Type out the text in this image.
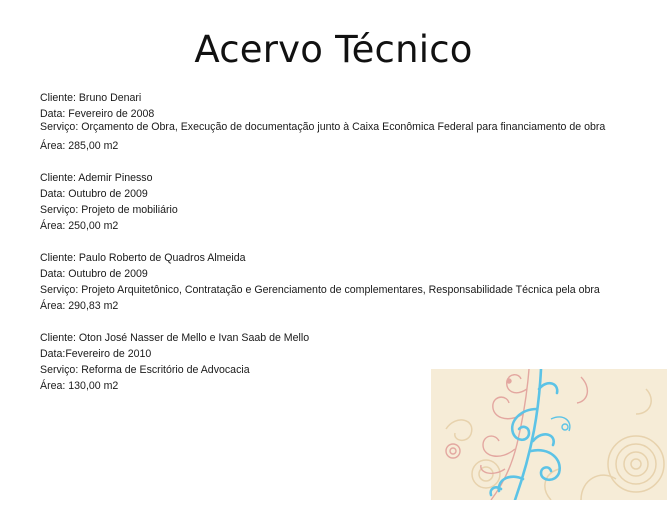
Acervo Técnico
Cliente: Bruno Denari
Data: Fevereiro de 2008
Serviço: Orçamento de Obra, Execução de documentação junto à Caixa Econômica Federal para financiamento de obra
Área: 285,00 m2
Cliente: Ademir Pinesso
Data: Outubro de 2009
Serviço: Projeto de mobiliário
Área: 250,00 m2
Cliente: Paulo Roberto de Quadros Almeida
Data: Outubro de 2009
Serviço: Projeto Arquitetônico, Contratação e Gerenciamento de complementares, Responsabilidade Técnica pela obra
Área: 290,83 m2
Cliente: Oton José Nasser de Mello e Ivan Saab de Mello
Data:Fevereiro de 2010
Serviço: Reforma de Escritório de Advocacia
Área: 130,00 m2
